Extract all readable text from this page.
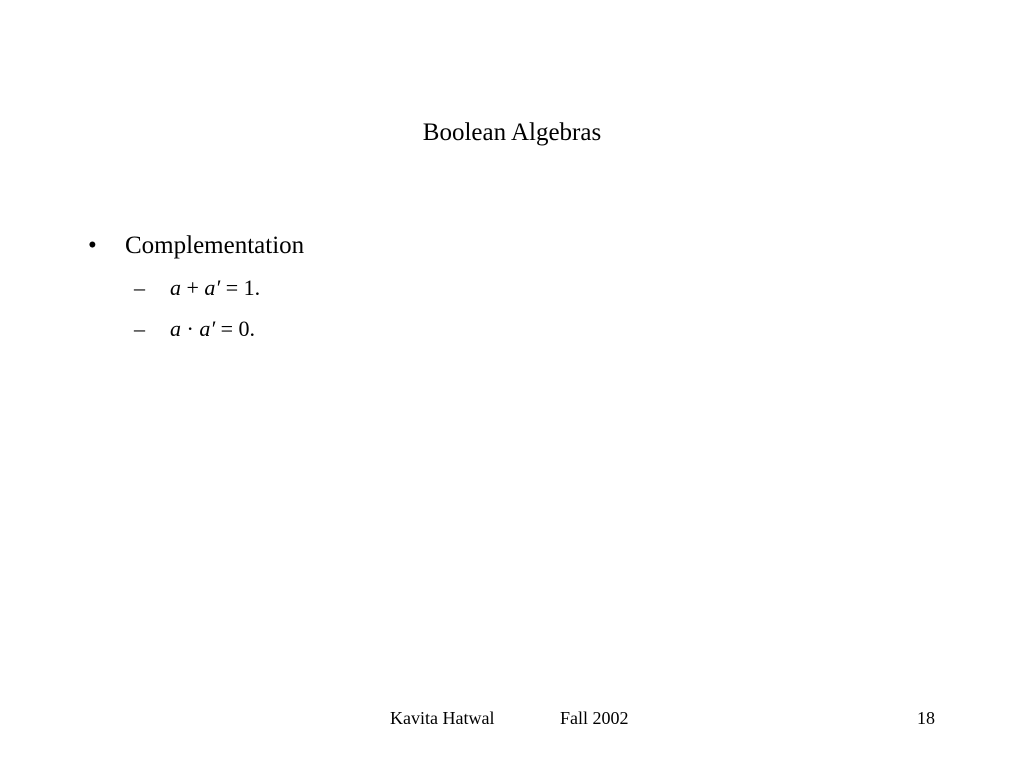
Boolean Algebras
• Complementation
– a + a′ = 1.
– a · a′ = 0.
Kavita Hatwal	Fall 2002	18
